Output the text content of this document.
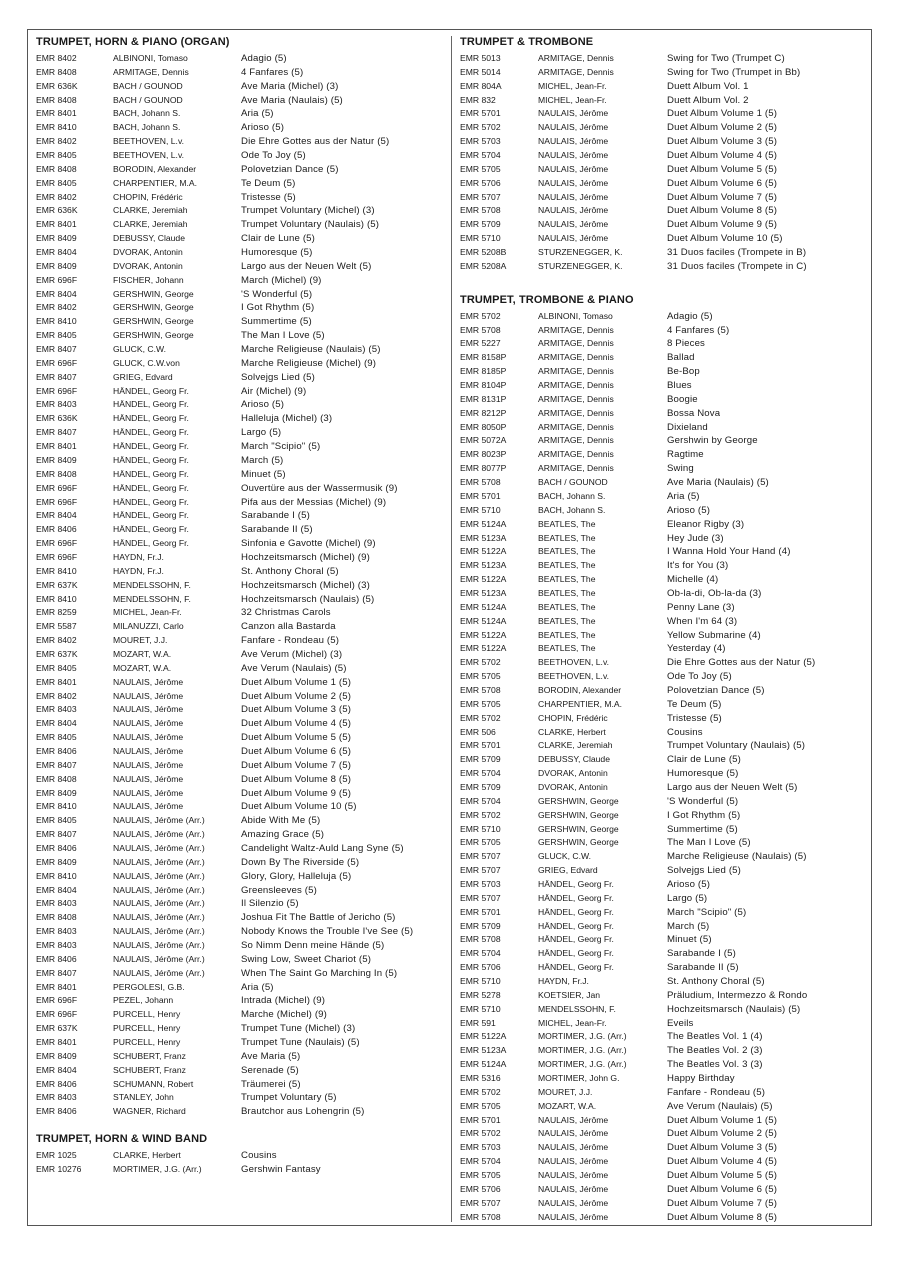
TRUMPET, HORN & PIANO (ORGAN)
EMR 8402	ALBINONI, Tomaso	Adagio (5)
EMR 8408	ARMITAGE, Dennis	4 Fanfares (5)
EMR 636K	BACH / GOUNOD	Ave Maria (Michel) (3)
EMR 8408	BACH / GOUNOD	Ave Maria (Naulais) (5)
EMR 8401	BACH, Johann S.	Aria (5)
EMR 8410	BACH, Johann S.	Arioso (5)
EMR 8402	BEETHOVEN, L.v.	Die Ehre Gottes aus der Natur (5)
EMR 8405	BEETHOVEN, L.v.	Ode To Joy (5)
EMR 8408	BORODIN, Alexander	Polovetzian Dance (5)
EMR 8405	CHARPENTIER, M.A.	Te Deum (5)
EMR 8402	CHOPIN, Frédéric	Tristesse (5)
EMR 636K	CLARKE, Jeremiah	Trumpet Voluntary (Michel) (3)
EMR 8401	CLARKE, Jeremiah	Trumpet Voluntary (Naulais) (5)
EMR 8409	DEBUSSY, Claude	Clair de Lune (5)
EMR 8404	DVORAK, Antonin	Humoresque (5)
EMR 8409	DVORAK, Antonin	Largo aus der Neuen Welt (5)
EMR 696F	FISCHER, Johann	March (Michel) (9)
EMR 8404	GERSHWIN, George	'S Wonderful (5)
EMR 8402	GERSHWIN, George	I Got Rhythm (5)
EMR 8410	GERSHWIN, George	Summertime (5)
EMR 8405	GERSHWIN, George	The Man I Love (5)
EMR 8407	GLUCK, C.W.	Marche Religieuse (Naulais) (5)
EMR 696F	GLUCK, C.W.von	Marche Religieuse (Michel) (9)
EMR 8407	GRIEG, Edvard	Solvejgs Lied (5)
EMR 696F	HÄNDEL, Georg Fr.	Air (Michel) (9)
EMR 8403	HÄNDEL, Georg Fr.	Arioso (5)
EMR 636K	HÄNDEL, Georg Fr.	Halleluja (Michel) (3)
EMR 8407	HÄNDEL, Georg Fr.	Largo (5)
EMR 8401	HÄNDEL, Georg Fr.	March "Scipio" (5)
EMR 8409	HÄNDEL, Georg Fr.	March (5)
EMR 8408	HÄNDEL, Georg Fr.	Minuet (5)
EMR 696F	HÄNDEL, Georg Fr.	Ouvertüre aus der Wassermusik (9)
EMR 696F	HÄNDEL, Georg Fr.	Pifa aus der Messias (Michel) (9)
EMR 8404	HÄNDEL, Georg Fr.	Sarabande I (5)
EMR 8406	HÄNDEL, Georg Fr.	Sarabande II (5)
EMR 696F	HÄNDEL, Georg Fr.	Sinfonia e Gavotte (Michel) (9)
EMR 696F	HAYDN, Fr.J.	Hochzeitsmarsch (Michel) (9)
EMR 8410	HAYDN, Fr.J.	St. Anthony Choral (5)
EMR 637K	MENDELSSOHN, F.	Hochzeitsmarsch (Michel) (3)
EMR 8410	MENDELSSOHN, F.	Hochzeitsmarsch (Naulais) (5)
EMR 8259	MICHEL, Jean-Fr.	32 Christmas Carols
EMR 5587	MILANUZZI, Carlo	Canzon alla Bastarda
EMR 8402	MOURET, J.J.	Fanfare - Rondeau (5)
EMR 637K	MOZART, W.A.	Ave Verum (Michel) (3)
EMR 8405	MOZART, W.A.	Ave Verum (Naulais) (5)
EMR 8401	NAULAIS, Jérôme	Duet Album Volume 1 (5)
EMR 8402	NAULAIS, Jérôme	Duet Album Volume 2 (5)
EMR 8403	NAULAIS, Jérôme	Duet Album Volume 3 (5)
EMR 8404	NAULAIS, Jérôme	Duet Album Volume 4 (5)
EMR 8405	NAULAIS, Jérôme	Duet Album Volume 5 (5)
EMR 8406	NAULAIS, Jérôme	Duet Album Volume 6 (5)
EMR 8407	NAULAIS, Jérôme	Duet Album Volume 7 (5)
EMR 8408	NAULAIS, Jérôme	Duet Album Volume 8 (5)
EMR 8409	NAULAIS, Jérôme	Duet Album Volume 9 (5)
EMR 8410	NAULAIS, Jérôme	Duet Album Volume 10 (5)
EMR 8405	NAULAIS, Jérôme (Arr.)	Abide With Me (5)
EMR 8407	NAULAIS, Jérôme (Arr.)	Amazing Grace (5)
EMR 8406	NAULAIS, Jérôme (Arr.)	Candelight Waltz-Auld Lang Syne (5)
EMR 8409	NAULAIS, Jérôme (Arr.)	Down By The Riverside (5)
EMR 8410	NAULAIS, Jérôme (Arr.)	Glory, Glory, Halleluja (5)
EMR 8404	NAULAIS, Jérôme (Arr.)	Greensleeves (5)
EMR 8403	NAULAIS, Jérôme (Arr.)	Il Silenzio (5)
EMR 8408	NAULAIS, Jérôme (Arr.)	Joshua Fit The Battle of Jericho (5)
EMR 8403	NAULAIS, Jérôme (Arr.)	Nobody Knows the Trouble I've See (5)
EMR 8403	NAULAIS, Jérôme (Arr.)	So Nimm Denn meine Hände (5)
EMR 8406	NAULAIS, Jérôme (Arr.)	Swing Low, Sweet Chariot (5)
EMR 8407	NAULAIS, Jérôme (Arr.)	When The Saint Go Marching In (5)
EMR 8401	PERGOLESI, G.B.	Aria (5)
EMR 696F	PEZEL, Johann	Intrada (Michel) (9)
EMR 696F	PURCELL, Henry	Marche (Michel) (9)
EMR 637K	PURCELL, Henry	Trumpet Tune (Michel) (3)
EMR 8401	PURCELL, Henry	Trumpet Tune (Naulais) (5)
EMR 8409	SCHUBERT, Franz	Ave Maria (5)
EMR 8404	SCHUBERT, Franz	Serenade (5)
EMR 8406	SCHUMANN, Robert	Träumerei (5)
EMR 8403	STANLEY, John	Trumpet Voluntary (5)
EMR 8406	WAGNER, Richard	Brautchor aus Lohengrin (5)
TRUMPET, HORN & WIND BAND
EMR 1025	CLARKE, Herbert	Cousins
EMR 10276	MORTIMER, J.G. (Arr.)	Gershwin Fantasy
TRUMPET & TROMBONE
EMR 5013	ARMITAGE, Dennis	Swing for Two (Trumpet C)
EMR 5014	ARMITAGE, Dennis	Swing for Two (Trumpet in Bb)
EMR 804A	MICHEL, Jean-Fr.	Duett Album Vol. 1
EMR 832	MICHEL, Jean-Fr.	Duett Album Vol. 2
EMR 5701	NAULAIS, Jérôme	Duet Album Volume 1 (5)
EMR 5702	NAULAIS, Jérôme	Duet Album Volume 2 (5)
EMR 5703	NAULAIS, Jérôme	Duet Album Volume 3 (5)
EMR 5704	NAULAIS, Jérôme	Duet Album Volume 4 (5)
EMR 5705	NAULAIS, Jérôme	Duet Album Volume 5 (5)
EMR 5706	NAULAIS, Jérôme	Duet Album Volume 6 (5)
EMR 5707	NAULAIS, Jérôme	Duet Album Volume 7 (5)
EMR 5708	NAULAIS, Jérôme	Duet Album Volume 8 (5)
EMR 5709	NAULAIS, Jérôme	Duet Album Volume 9 (5)
EMR 5710	NAULAIS, Jérôme	Duet Album Volume 10 (5)
EMR 5208B	STURZENEGGER, K.	31 Duos faciles (Trompete in B)
EMR 5208A	STURZENEGGER, K.	31 Duos faciles (Trompete in C)
TRUMPET, TROMBONE & PIANO
EMR 5702	ALBINONI, Tomaso	Adagio (5)
EMR 5708	ARMITAGE, Dennis	4 Fanfares (5)
EMR 5227	ARMITAGE, Dennis	8 Pieces
EMR 8158P	ARMITAGE, Dennis	Ballad
EMR 8185P	ARMITAGE, Dennis	Be-Bop
EMR 8104P	ARMITAGE, Dennis	Blues
EMR 8131P	ARMITAGE, Dennis	Boogie
EMR 8212P	ARMITAGE, Dennis	Bossa Nova
EMR 8050P	ARMITAGE, Dennis	Dixieland
EMR 5072A	ARMITAGE, Dennis	Gershwin by George
EMR 8023P	ARMITAGE, Dennis	Ragtime
EMR 8077P	ARMITAGE, Dennis	Swing
EMR 5708	BACH / GOUNOD	Ave Maria (Naulais) (5)
EMR 5701	BACH, Johann S.	Aria (5)
EMR 5710	BACH, Johann S.	Arioso (5)
EMR 5124A	BEATLES, The	Eleanor Rigby (3)
EMR 5123A	BEATLES, The	Hey Jude (3)
EMR 5122A	BEATLES, The	I Wanna Hold Your Hand (4)
EMR 5123A	BEATLES, The	It's for You (3)
EMR 5122A	BEATLES, The	Michelle (4)
EMR 5123A	BEATLES, The	Ob-la-di, Ob-la-da (3)
EMR 5124A	BEATLES, The	Penny Lane (3)
EMR 5124A	BEATLES, The	When I'm 64 (3)
EMR 5122A	BEATLES, The	Yellow Submarine (4)
EMR 5122A	BEATLES, The	Yesterday (4)
EMR 5702	BEETHOVEN, L.v.	Die Ehre Gottes aus der Natur (5)
EMR 5705	BEETHOVEN, L.v.	Ode To Joy (5)
EMR 5708	BORODIN, Alexander	Polovetzian Dance (5)
EMR 5705	CHARPENTIER, M.A.	Te Deum (5)
EMR 5702	CHOPIN, Frédéric	Tristesse (5)
EMR 506	CLARKE, Herbert	Cousins
EMR 5701	CLARKE, Jeremiah	Trumpet Voluntary (Naulais) (5)
EMR 5709	DEBUSSY, Claude	Clair de Lune (5)
EMR 5704	DVORAK, Antonin	Humoresque (5)
EMR 5709	DVORAK, Antonin	Largo aus der Neuen Welt (5)
EMR 5704	GERSHWIN, George	'S Wonderful (5)
EMR 5702	GERSHWIN, George	I Got Rhythm (5)
EMR 5710	GERSHWIN, George	Summertime (5)
EMR 5705	GERSHWIN, George	The Man I Love (5)
EMR 5707	GLUCK, C.W.	Marche Religieuse (Naulais) (5)
EMR 5707	GRIEG, Edvard	Solvejgs Lied (5)
EMR 5703	HÄNDEL, Georg Fr.	Arioso (5)
EMR 5707	HÄNDEL, Georg Fr.	Largo (5)
EMR 5701	HÄNDEL, Georg Fr.	March "Scipio" (5)
EMR 5709	HÄNDEL, Georg Fr.	March (5)
EMR 5708	HÄNDEL, Georg Fr.	Minuet (5)
EMR 5704	HÄNDEL, Georg Fr.	Sarabande I (5)
EMR 5706	HÄNDEL, Georg Fr.	Sarabande II (5)
EMR 5710	HAYDN, Fr.J.	St. Anthony Choral (5)
EMR 5278	KOETSIER, Jan	Präludium, Intermezzo & Rondo
EMR 5710	MENDELSSOHN, F.	Hochzeitsmarsch (Naulais) (5)
EMR 591	MICHEL, Jean-Fr.	Eveils
EMR 5122A	MORTIMER, J.G. (Arr.)	The Beatles Vol. 1 (4)
EMR 5123A	MORTIMER, J.G. (Arr.)	The Beatles Vol. 2 (3)
EMR 5124A	MORTIMER, J.G. (Arr.)	The Beatles Vol. 3 (3)
EMR 5316	MORTIMER, John G.	Happy Birthday
EMR 5702	MOURET, J.J.	Fanfare - Rondeau (5)
EMR 5705	MOZART, W.A.	Ave Verum (Naulais) (5)
EMR 5701	NAULAIS, Jérôme	Duet Album Volume 1 (5)
EMR 5702	NAULAIS, Jérôme	Duet Album Volume 2 (5)
EMR 5703	NAULAIS, Jérôme	Duet Album Volume 3 (5)
EMR 5704	NAULAIS, Jérôme	Duet Album Volume 4 (5)
EMR 5705	NAULAIS, Jérôme	Duet Album Volume 5 (5)
EMR 5706	NAULAIS, Jérôme	Duet Album Volume 6 (5)
EMR 5707	NAULAIS, Jérôme	Duet Album Volume 7 (5)
EMR 5708	NAULAIS, Jérôme	Duet Album Volume 8 (5)
